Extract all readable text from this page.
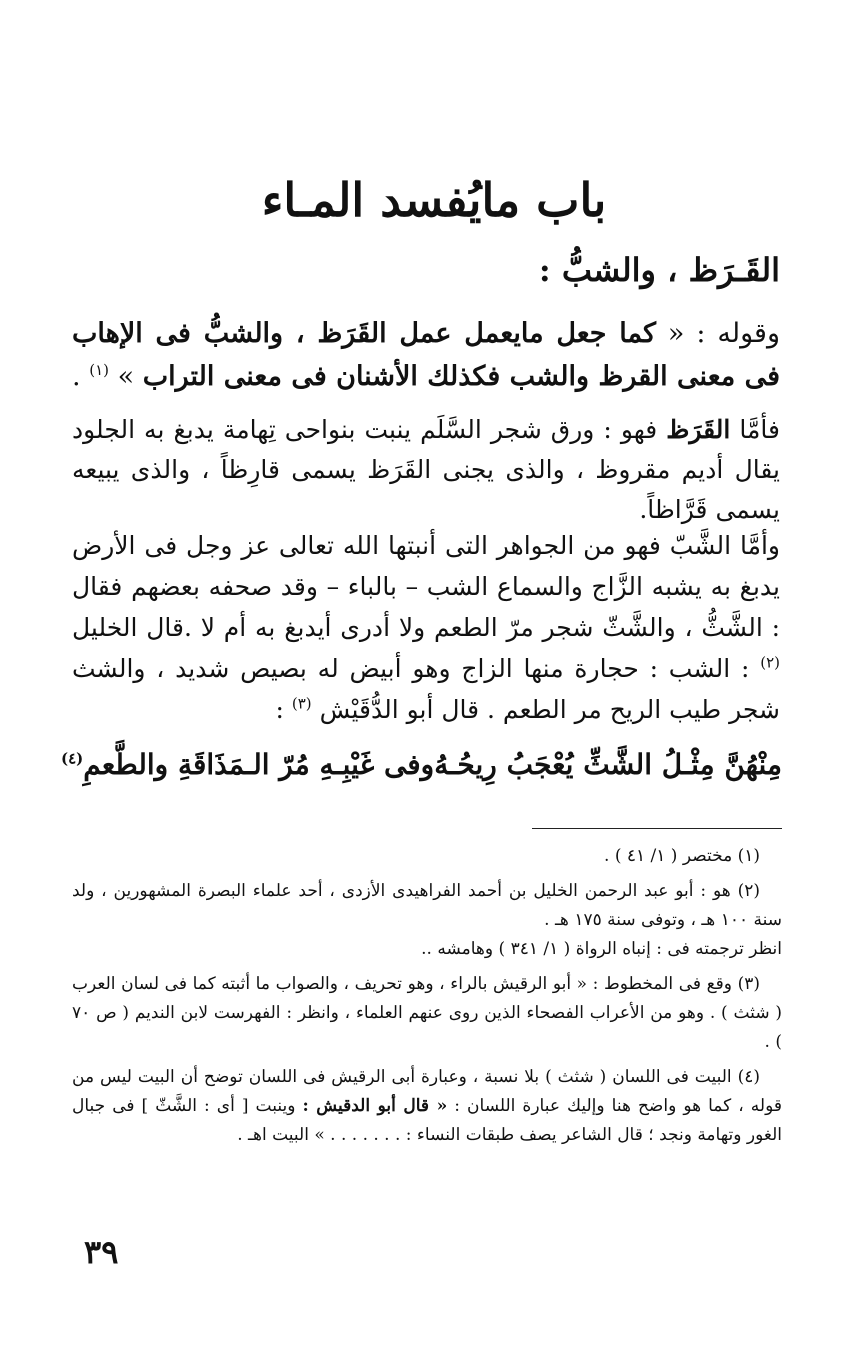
باب مايُفسد المـاء
القَـرَظ ، والشبُّ :
وقوله : « كما جعل مايعمل عمل القَرَظ ، والشبُّ فى الإهاب فى معنى القرظ والشب فكذلك الأشنان فى معنى التراب » $^{(١)}$ .
فأمَّا القَرَظ فهو : ورق شجر السَّلَم ينبت بنواحى تِهامة يدبغ به الجلود يقال أديم مقروظ ، والذى يجنى القَرَظ يسمى قارِظاً ، والذى يبيعه يسمى قَرَّاظاً.
وأمَّا الشَّبّ فهو من الجواهر التى أنبتها الله تعالى عز وجل فى الأرض يدبغ به يشبه الزَّاج والسماع الشب – بالباء – وقد صحفه بعضهم فقال : الشَّثُّ ، والشَّثّ شجر مرّ الطعم ولا أدرى أيدبغ به أم لا .قال الخليل $^{(٢)}$ : الشب : حجارة منها الزاج وهو أبيض له بصيص شديد ، والشث شجر طيب الريح مر الطعم . قال أبو الدُّقَيْش $^{(٣)}$ :
مِنْهُنَّ مِثْـلُ الشَّثِّ يُعْجَبُ رِيحُـهُ
وفى غَيْبِـهِ مُرّ الـمَذَاقَةِ والطَّعمِ$^{(٤)}$

(١) مختصر ( ١/ ٤١ ) .

(٢) هو : أبو عبد الرحمن الخليل بن أحمد الفراهيدى الأزدى ، أحد علماء البصرة المشهورين ، ولد سنة ١٠٠ هـ ، وتوفى سنة ١٧٥ هـ .

انظر ترجمته فى : إنباه الرواة ( ١/ ٣٤١ ) وهامشه ..

(٣) وقع فى المخطوط : « أبو الرقيش بالراء ، وهو تحريف ، والصواب ما أثبته كما فى لسان العرب ( شثث ) . وهو من الأعراب الفصحاء الذين روى عنهم العلماء ، وانظر : الفهرست لابن النديم ( ص ٧٠ ) .

(٤) البيت فى اللسان ( شثث ) بلا نسبة ، وعبارة أبى الرقيش فى اللسان توضح أن البيت ليس من قوله ، كما هو واضح هنا وإليك عبارة اللسان : « قال أبو الدقيش : وينبت [ أى : الشَّثّ ] فى جبال الغور وتهامة ونجد ؛ قال الشاعر يصف طبقات النساء : . . . . . . . » البيت اهـ .

٣٩
